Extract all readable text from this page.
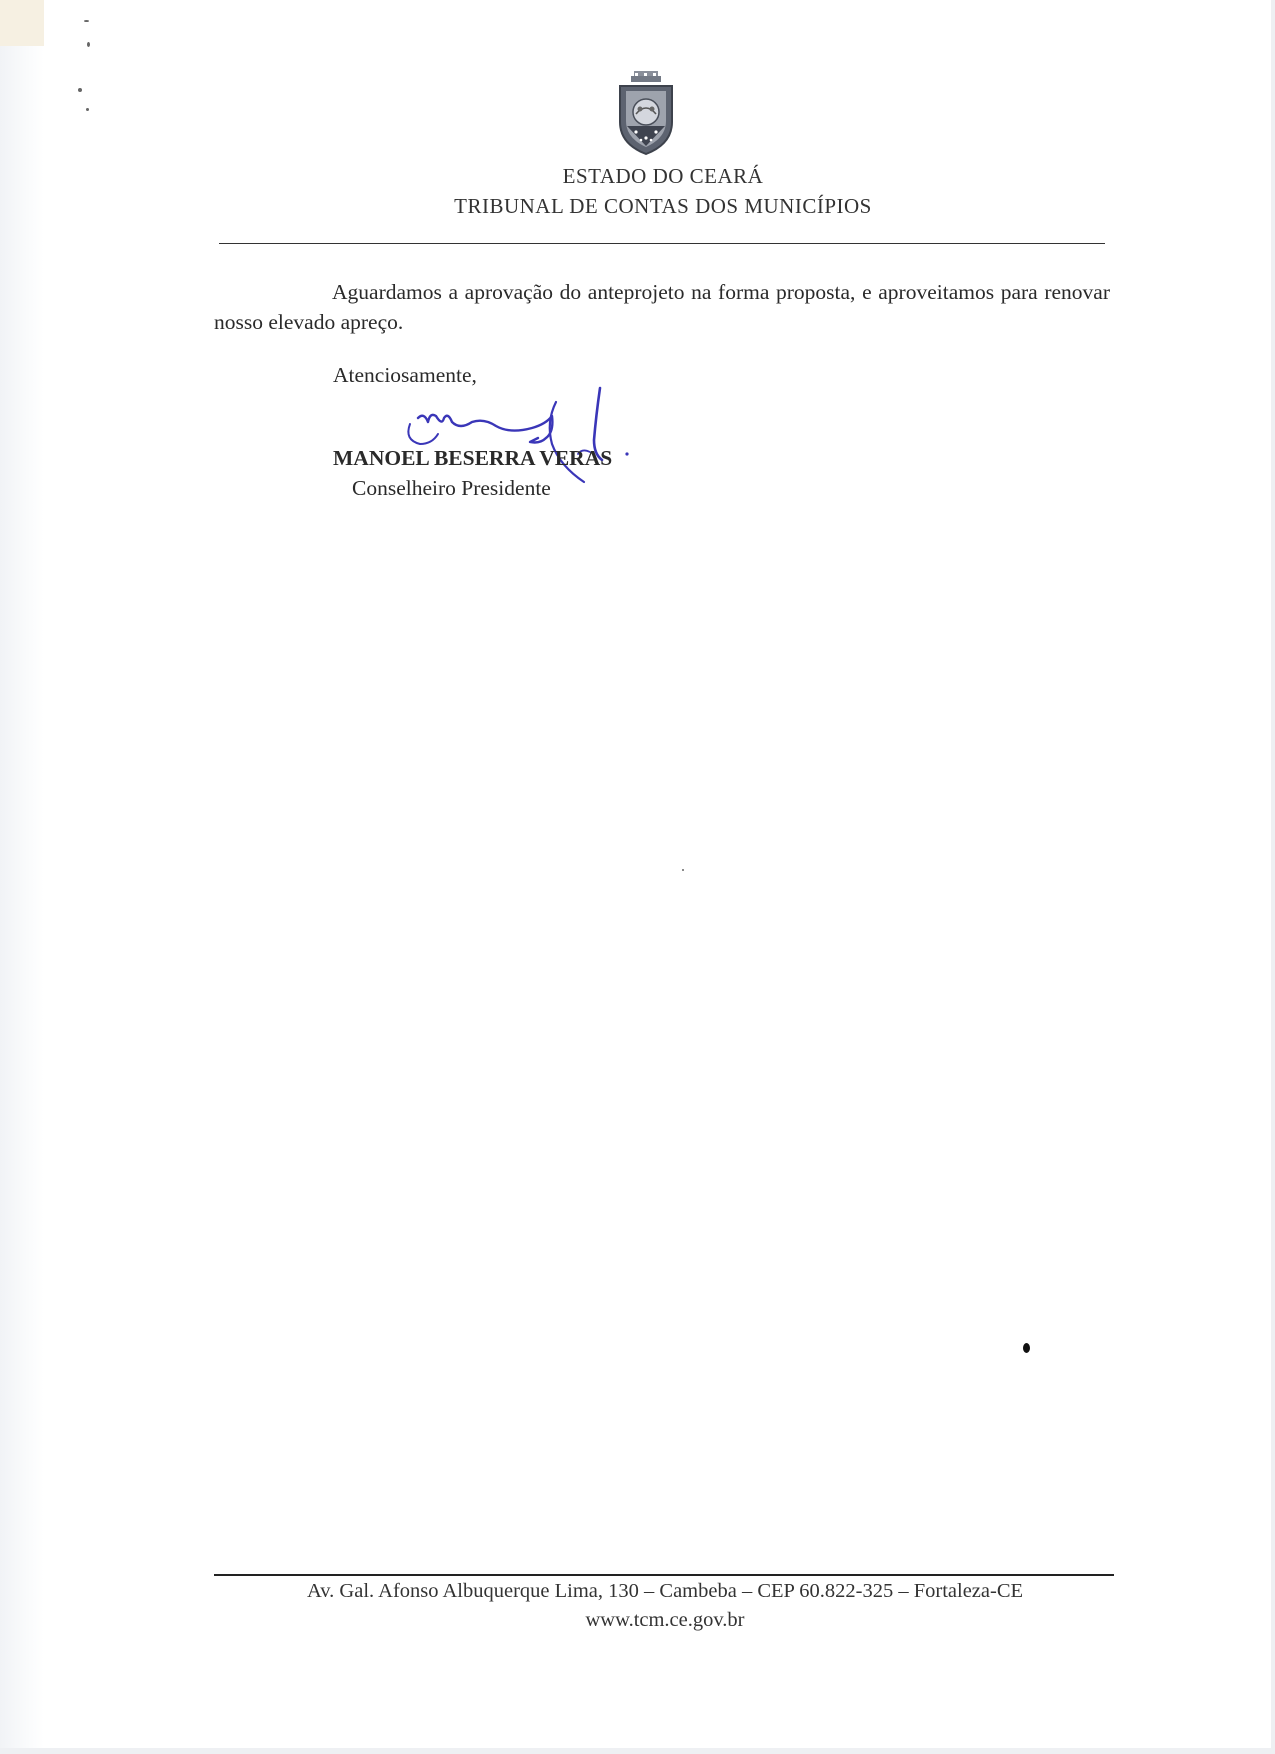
ESTADO DO CEARÁ
TRIBUNAL DE CONTAS DOS MUNICÍPIOS
Aguardamos a aprovação do anteprojeto na forma proposta, e aproveitamos para renovar nosso elevado apreço.
Atenciosamente,
MANOEL BESERRA VERAS
Conselheiro Presidente
Av. Gal. Afonso Albuquerque Lima, 130 – Cambeba – CEP 60.822-325 – Fortaleza-CE
www.tcm.ce.gov.br
